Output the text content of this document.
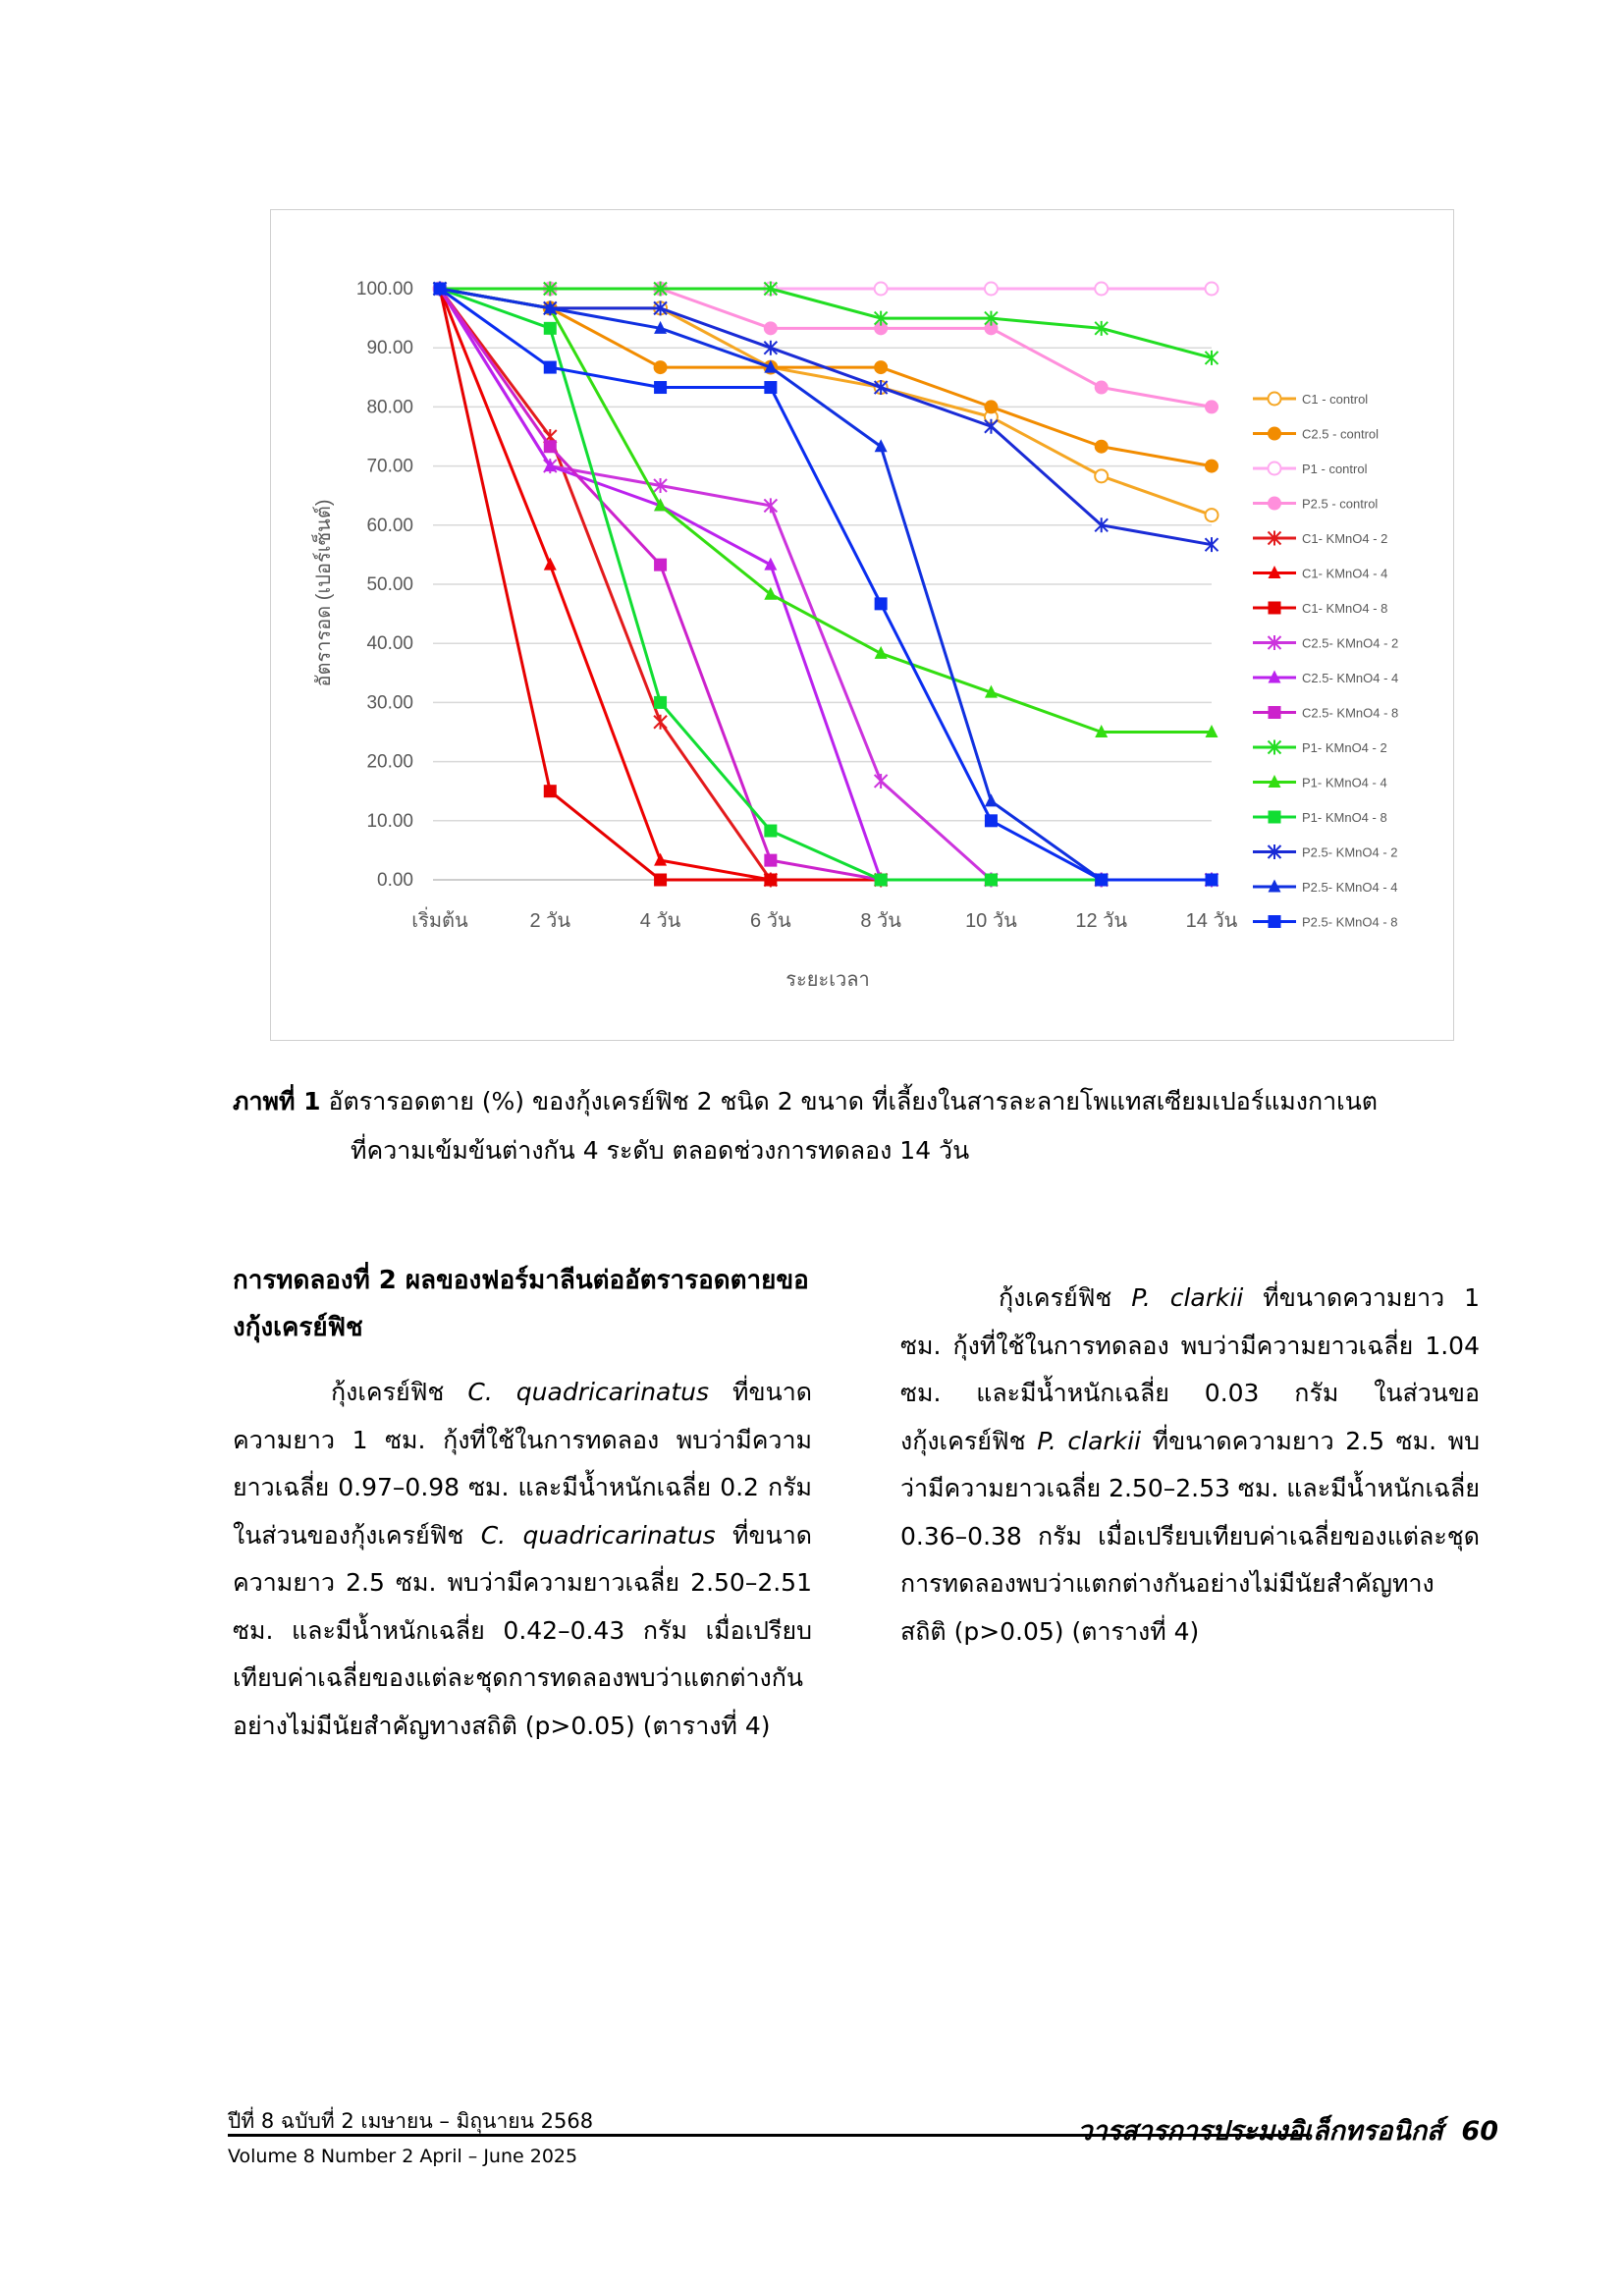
0.00
10.00
20.00
30.00
40.00
50.00
60.00
70.00
80.00
90.00
100.00
เริ่มต้น	2 วัน	4 วัน	6 วัน	8 วัน	10 วัน	12 วัน	14 วัน
ระยะเวลา
อัตรารอด (เปอร์เซ็นต์)
C1 - control
C2.5 - control
P1 - control
P2.5 - control
C1- KMnO4 - 2
C1- KMnO4 - 4
C1- KMnO4 - 8
C2.5- KMnO4 - 2
C2.5- KMnO4 - 4
C2.5- KMnO4 - 8
P1- KMnO4 - 2
P1- KMnO4 - 4
P1- KMnO4 - 8
P2.5- KMnO4 - 2
P2.5- KMnO4 - 4
P2.5- KMnO4 - 8
ภาพที่ 1 อัตรารอดตาย (%) ของกุ้งเครย์ฟิช 2 ชนิด 2 ขนาด ที่เลี้ยงในสารละลายโพแทสเซียมเปอร์แมงกาเนต
ที่ความเข้มข้นต่างกัน 4 ระดับ ตลอดช่วงการทดลอง 14 วัน
การทดลองที่ 2 ผลของฟอร์มาลีนต่ออัตรารอดตายของกุ้งเครย์ฟิช
กุ้งเครย์ฟิช C. quadricarinatus ที่ขนาดความยาว 1 ซม. กุ้งที่ใช้ในการทดลอง พบว่ามีความยาวเฉลี่ย 0.97–0.98 ซม. และมีน้ำหนักเฉลี่ย 0.2 กรัม ในส่วนของกุ้งเครย์ฟิช C. quadricarinatus ที่ขนาดความยาว 2.5 ซม. พบว่ามีความยาวเฉลี่ย 2.50–2.51 ซม. และมีน้ำหนักเฉลี่ย 0.42–0.43 กรัม เมื่อเปรียบเทียบค่าเฉลี่ยของแต่ละชุดการทดลองพบว่าแตกต่างกันอย่างไม่มีนัยสำคัญทางสถิติ (p>0.05) (ตารางที่ 4)
กุ้งเครย์ฟิช P. clarkii ที่ขนาดความยาว 1 ซม. กุ้งที่ใช้ในการทดลอง พบว่ามีความยาวเฉลี่ย 1.04 ซม. และมีน้ำหนักเฉลี่ย 0.03 กรัม ในส่วนของกุ้งเครย์ฟิช P. clarkii ที่ขนาดความยาว 2.5 ซม. พบว่ามีความยาวเฉลี่ย 2.50–2.53 ซม. และมีน้ำหนักเฉลี่ย 0.36–0.38 กรัม เมื่อเปรียบเทียบค่าเฉลี่ยของแต่ละชุดการทดลองพบว่าแตกต่างกันอย่างไม่มีนัยสำคัญทางสถิติ (p>0.05) (ตารางที่ 4)
ปีที่ 8 ฉบับที่ 2 เมษายน – มิถุนายน 2568
Volume 8 Number 2 April – June 2025
วารสารการประมงอิเล็กทรอนิกส์ 60
